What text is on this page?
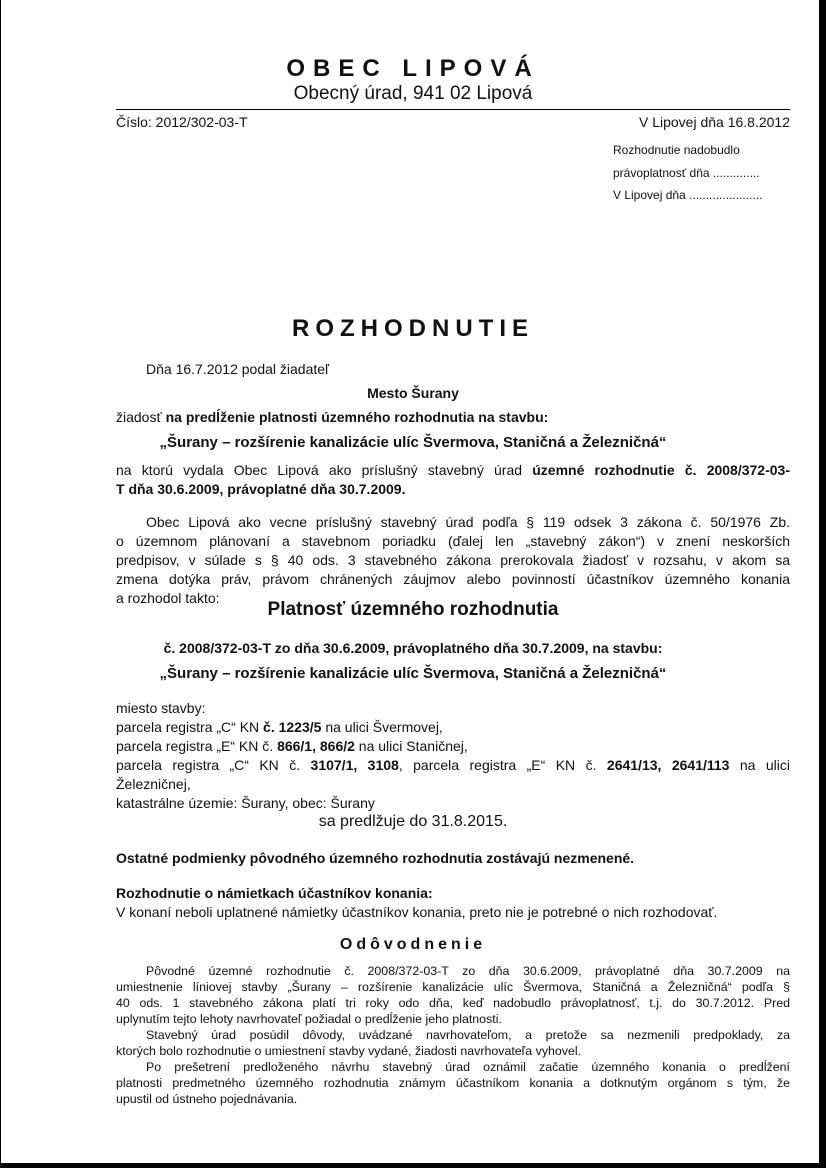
OBEC LIPOVÁ
Obecný úrad, 941 02 Lipová
Číslo: 2012/302-03-T	V Lipovej dňa 16.8.2012
Rozhodnutie nadobudlo
právoplatnosť dňa ..............
V Lipovej dňa ......................
ROZHODNUTIE
Dňa 16.7.2012 podal žiadateľ
Mesto Šurany
žiadosť na predĺženie platnosti územného rozhodnutia na stavbu:
„Šurany – rozšírenie kanalizácie ulíc Švermova, Staničná a Železničná“
na ktorú vydala Obec Lipová ako príslušný stavebný úrad územné rozhodnutie č. 2008/372-03-
T dňa 30.6.2009, právoplatné dňa 30.7.2009.
Obec Lipová ako vecne príslušný stavebný úrad podľa § 119 odsek 3 zákona č. 50/1976 Zb.
o územnom plánovaní a stavebnom poriadku (ďalej len „stavebný zákon“) v znení neskorších
predpisov, v súlade s § 40 ods. 3 stavebného zákona prerokovala žiadosť v rozsahu, v akom sa
zmena dotýka práv, právom chránených záujmov alebo povinností účastníkov územného konania
a rozhodol takto:
Platnosť územného rozhodnutia
č. 2008/372-03-T zo dňa 30.6.2009, právoplatného dňa 30.7.2009, na stavbu:
„Šurany – rozšírenie kanalizácie ulíc Švermova, Staničná a Železničná“
miesto stavby:
parcela registra „C“ KN č. 1223/5 na ulici Švermovej,
parcela registra „E“ KN č. 866/1, 866/2 na ulici Staničnej,
parcela registra „C“ KN č. 3107/1, 3108, parcela registra „E“ KN č. 2641/13, 2641/113 na ulici
Železničnej,
katastrálne územie: Šurany, obec: Šurany
sa predlžuje do 31.8.2015.
Ostatné podmienky pôvodného územného rozhodnutia zostávajú nezmenené.
Rozhodnutie o námietkach účastníkov konania:
V konaní neboli uplatnené námietky účastníkov konania, preto nie je potrebné o nich rozhodovať.
Odôvodnenie
Pôvodné územné rozhodnutie č. 2008/372-03-T zo dňa 30.6.2009, právoplatné dňa 30.7.2009 na
umiestnenie líniovej stavby „Šurany – rozšírenie kanalizácie ulíc Švermova, Staničná a Železničná“ podľa §
40 ods. 1 stavebného zákona platí tri roky odo dňa, keď nadobudlo právoplatnosť, t.j. do 30.7.2012. Pred
uplynutím tejto lehoty navrhovateľ požiadal o predĺženie jeho platnosti.
Stavebný úrad posúdil dôvody, uvádzané navrhovateľom, a pretože sa nezmenili predpoklady, za
ktorých bolo rozhodnutie o umiestnení stavby vydané, žiadosti navrhovateľa vyhovel.
Po prešetrení predloženého návrhu stavebný úrad oznámil začatie územného konania o predĺžení
platnosti predmetného územného rozhodnutia známym účastníkom konania a dotknutým orgánom s tým, že
upustil od ústneho pojednávania.
